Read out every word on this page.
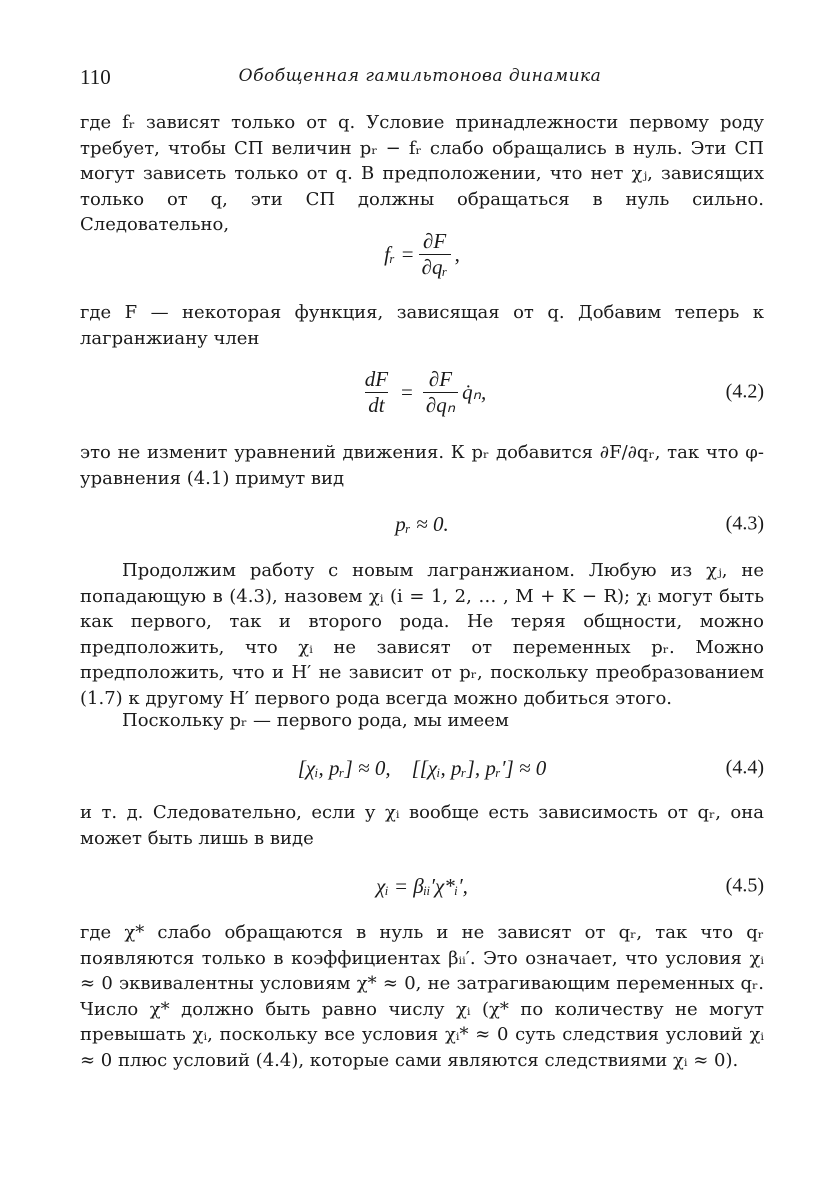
110	Обобщенная гамильтонова динамика
где fᵣ зависят только от q. Условие принадлежности первому роду требует, чтобы СП величин pᵣ − fᵣ слабо обращались в нуль. Эти СП могут зависеть только от q. В предположении, что нет χⱼ, зависящих только от q, эти СП должны обращаться в нуль сильно. Следовательно,
fᵣ = $\frac{\partial F}{\text{∂qᵣ}}$ ,
где F — некоторая функция, зависящая от q. Добавим теперь к лагранжиану член
$\frac{dF}{dt} = \frac{\partial F}{\text{∂qₙ}}$ q̇ₙ,	(4.2)
это не изменит уравнений движения. К pᵣ добавится ∂F/∂qᵣ, так что φ-уравнения (4.1) примут вид
pᵣ ≈ 0.	(4.3)
Продолжим работу с новым лагранжианом. Любую из χⱼ, не попадающую в (4.3), назовем χᵢ (i = 1, 2, … , M + K − R); χᵢ могут быть как первого, так и второго рода. Не теряя общности, можно предположить, что χᵢ не зависят от переменных pᵣ. Можно предположить, что и H′ не зависит от pᵣ, поскольку преобразованием (1.7) к другому H′ первого рода всегда можно добиться этого.
Поскольку pᵣ — первого рода, мы имеем
[χᵢ, pᵣ] ≈ 0,    [[χᵢ, pᵣ], pᵣ′] ≈ 0	(4.4)
и т. д. Следовательно, если у χᵢ вообще есть зависимость от qᵣ, она может быть лишь в виде
χᵢ = βᵢᵢ′χ*ᵢ′,	(4.5)
где χ* слабо обращаются в нуль и не зависят от qᵣ, так что qᵣ появляются только в коэффициентах βᵢᵢ′. Это означает, что условия χᵢ ≈ 0 эквивалентны условиям χ* ≈ 0, не затрагивающим переменных qᵣ. Число χ* должно быть равно числу χᵢ (χ* по количеству не могут превышать χᵢ, поскольку все условия χᵢ* ≈ 0 суть следствия условий χᵢ ≈ 0 плюс условий (4.4), которые сами являются следствиями χᵢ ≈ 0).
